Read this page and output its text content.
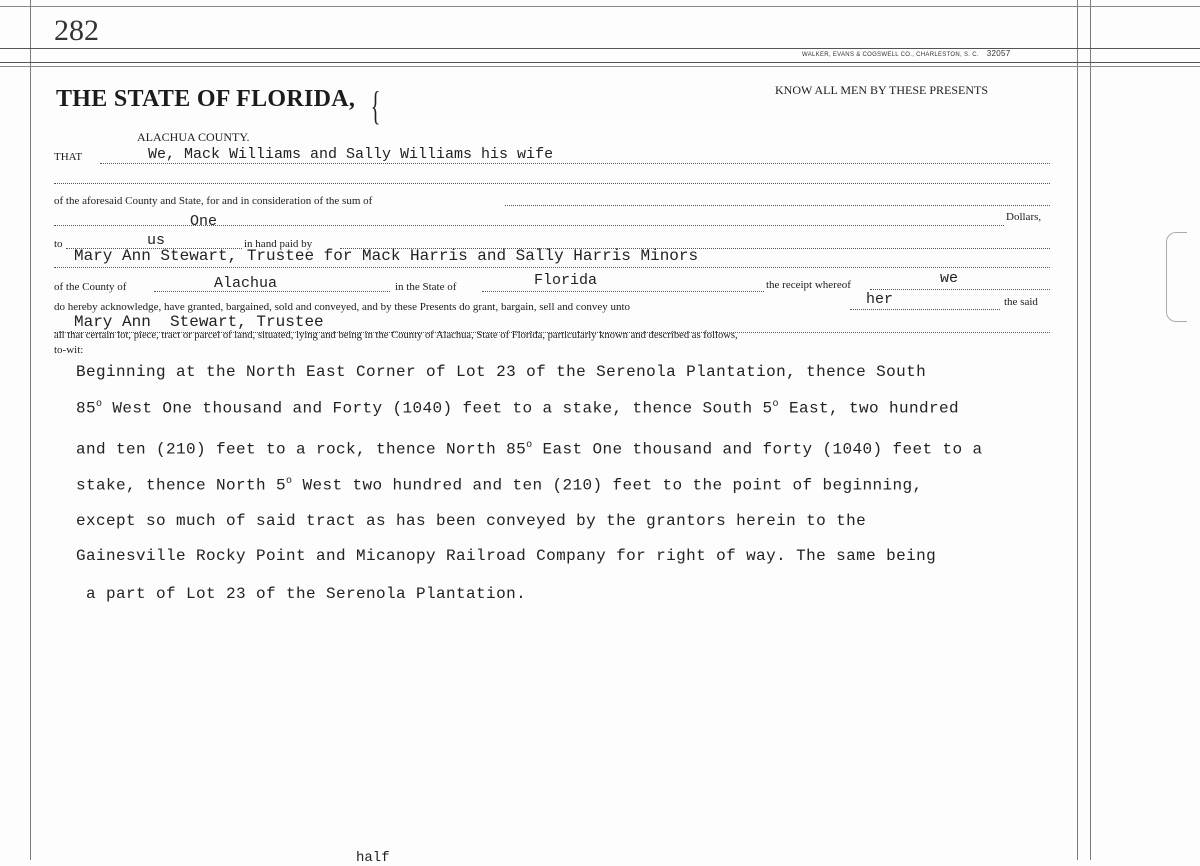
282
WALKER, EVANS & COGSWELL CO., CHARLESTON, S. C. 32057
THE STATE OF FLORIDA, {
ALACHUA COUNTY.
KNOW ALL MEN BY THESE PRESENTS
THAT	We, Mack Williams and Sally Williams his wife
of the aforesaid County and State, for and in consideration of the sum of
One	Dollars,
to	us	in hand paid by
Mary Ann Stewart, Trustee for Mack Harris and Sally Harris Minors
of the County of	Alachua	in the State of	Florida	the receipt whereof	we
do hereby acknowledge, have granted, bargained, sold and conveyed, and by these Presents do grant, bargain, sell and convey unto	her	the said
Mary Ann  Stewart, Trustee
all that certain lot, piece, tract or parcel of land, situated, lying and being in the County of Alachua, State of Florida, particularly known and described as follows,
to-wit:
Beginning at the North East Corner of Lot 23 of the Serenola Plantation, thence South
85$^o$ West One thousand and Forty (1040) feet to a stake, thence South 5$^o$ East, two hundred
and ten (210) feet to a rock, thence North 85$^o$ East One thousand and forty (1040) feet to a
stake, thence North 5$^o$ West two hundred and ten (210) feet to the point of beginning,
except so much of said tract as has been conveyed by the grantors herein to the
Gainesville Rocky Point and Micanopy Railroad Company for right of way. The same being
a part of Lot 23 of the Serenola Plantation.
half
